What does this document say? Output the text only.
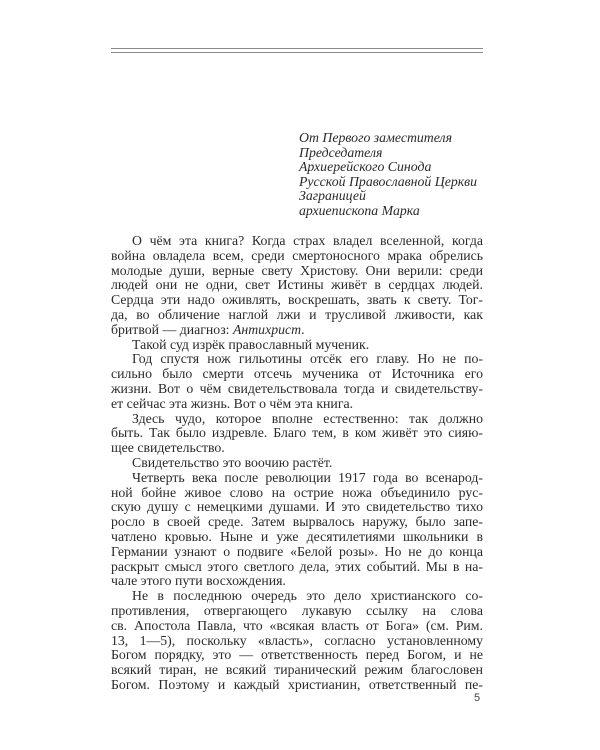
От Первого заместителя
Председателя
Архиерейского Синода
Русской Православной Церкви
Заграницей
архиепископа Марка
О чём эта книга? Когда страх владел вселенной, когда
война овладела всем, среди смертоносного мрака обрелись
молодые души, верные свету Христову. Они верили: среди
людей они не одни, свет Истины живёт в сердцах людей.
Сердца эти надо оживлять, воскрешать, звать к свету. Тог-
да, во обличение наглой лжи и трусливой лживости, как
бритвой — диагноз: Антихрист.
Такой суд изрёк православный мученик.
Год спустя нож гильотины отсёк его главу. Но не по-
сильно было смерти отсечь мученика от Источника его
жизни. Вот о чём свидетельствовала тогда и свидетельству-
ет сейчас эта жизнь. Вот о чём эта книга.
Здесь чудо, которое вполне естественно: так должно
быть. Так было издревле. Благо тем, в ком живёт это сияю-
щее свидетельство.
Свидетельство это воочию растёт.
Четверть века после революции 1917 года во всенарод-
ной бойне живое слово на острие ножа объединило рус-
скую душу с немецкими душами. И это свидетельство тихо
росло в своей среде. Затем вырвалось наружу, было запе-
чатлено кровью. Ныне и уже десятилетиями школьники в
Германии узнают о подвиге «Белой розы». Но не до конца
раскрыт смысл этого светлого дела, этих событий. Мы в на-
чале этого пути восхождения.
Не в последнюю очередь это дело христианского со-
противления, отвергающего лукавую ссылку на слова
св. Апостола Павла, что «всякая власть от Бога» (см. Рим.
13, 1—5), поскольку «власть», согласно установленному
Богом порядку, это — ответственность перед Богом, и не
всякий тиран, не всякий тиранический режим благословен
Богом. Поэтому и каждый христианин, ответственный пе-
5
